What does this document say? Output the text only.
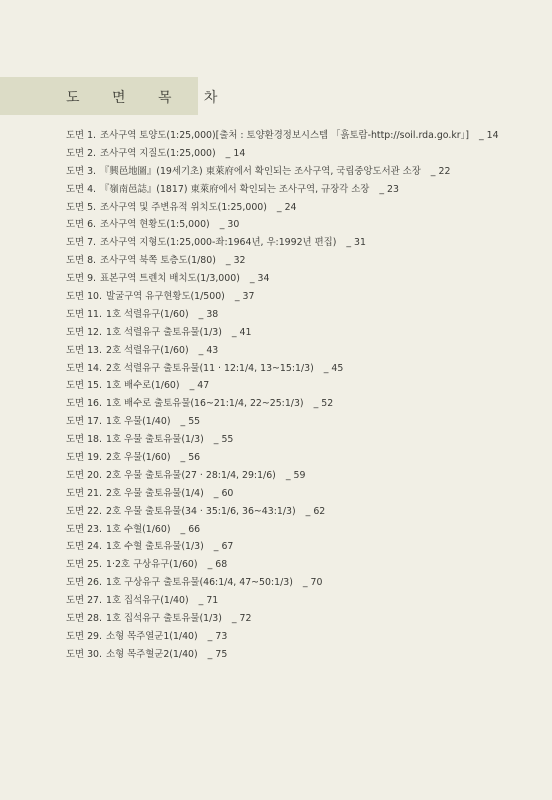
도 면 목 차
도면 1. 조사구역 토양도(1:25,000)[출처 : 토양환경정보시스템 「흙토람-http://soil.rda.go.kr」] _ 14
도면 2. 조사구역 지질도(1:25,000) _ 14
도면 3. 『興邑地圖』(19세기초) 東萊府에서 확인되는 조사구역, 국립중앙도서관 소장 _ 22
도면 4. 『嶺南邑誌』(1817) 東萊府에서 확인되는 조사구역, 규장각 소장 _ 23
도면 5. 조사구역 및 주변유적 위치도(1:25,000) _ 24
도면 6. 조사구역 현황도(1:5,000) _ 30
도면 7. 조사구역 지형도(1:25,000-좌:1964년, 우:1992년 편집) _ 31
도면 8. 조사구역 북쪽 토층도(1/80) _ 32
도면 9. 표본구역 트렌치 배치도(1/3,000) _ 34
도면 10. 발굴구역 유구현황도(1/500) _ 37
도면 11. 1호 석렬유구(1/60) _ 38
도면 12. 1호 석렬유구 출토유물(1/3) _ 41
도면 13. 2호 석렬유구(1/60) _ 43
도면 14. 2호 석렬유구 출토유물(11 · 12:1/4, 13~15:1/3) _ 45
도면 15. 1호 배수로(1/60) _ 47
도면 16. 1호 배수로 출토유물(16~21:1/4, 22~25:1/3) _ 52
도면 17. 1호 우물(1/40) _ 55
도면 18. 1호 우물 출토유물(1/3) _ 55
도면 19. 2호 우물(1/60) _ 56
도면 20. 2호 우물 출토유물(27 · 28:1/4, 29:1/6) _ 59
도면 21. 2호 우물 출토유물(1/4) _ 60
도면 22. 2호 우물 출토유물(34 · 35:1/6, 36~43:1/3) _ 62
도면 23. 1호 수혈(1/60) _ 66
도면 24. 1호 수혈 출토유물(1/3) _ 67
도면 25. 1·2호 구상유구(1/60) _ 68
도면 26. 1호 구상유구 출토유물(46:1/4, 47~50:1/3) _ 70
도면 27. 1호 집석유구(1/40) _ 71
도면 28. 1호 집석유구 출토유물(1/3) _ 72
도면 29. 소형 목주열군1(1/40) _ 73
도면 30. 소형 목주혈군2(1/40) _ 75
